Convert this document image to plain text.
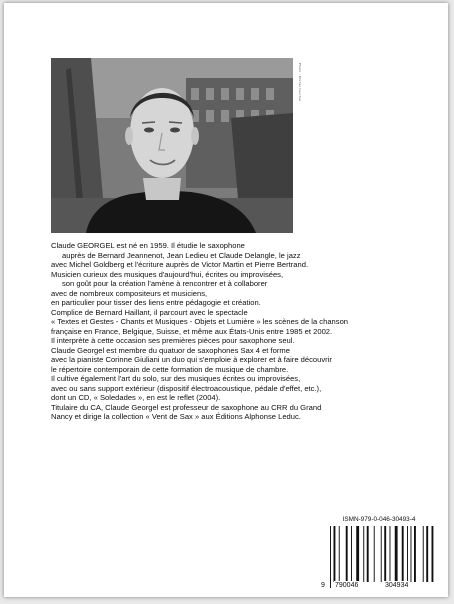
Photo : Michel Courtier
Claude GEORGEL est né en 1959. Il étudie le saxophone
auprès de Bernard Jeannenot, Jean Ledieu et Claude Delangle, le jazz
avec Michel Goldberg et l'écriture auprès de Victor Martin et Pierre Bertrand.
Musicien curieux des musiques d'aujourd'hui, écrites ou improvisées,
son goût pour la création l'amène à rencontrer et à collaborer
avec de nombreux compositeurs et musiciens,
en particulier pour tisser des liens entre pédagogie et création.
Complice de Bernard Haillant, il parcourt avec le spectacle
« Textes et Gestes - Chants et Musiques - Objets et Lumière » les scènes de la chanson
française en France, Belgique, Suisse, et même aux États-Unis entre 1985 et 2002.
Il interprète à cette occasion ses premières pièces pour saxophone seul.
Claude Georgel est membre du quatuor de saxophones Sax 4 et forme
avec la pianiste Corinne Giuliani un duo qui s'emploie à explorer et à faire découvrir
le répertoire contemporain de cette formation de musique de chambre.
Il cultive également l'art du solo, sur des musiques écrites ou improvisées,
avec ou sans support extérieur (dispositif électroacoustique, pédale d'effet, etc.),
dont un CD, « Soledades », en est le reflet (2004).
Titulaire du CA, Claude Georgel est professeur de saxophone au CRR du Grand
Nancy et dirige la collection « Vent de Sax » aux Éditions Alphonse Leduc.
ISMN-979-0-046-30493-4
9 790046	304934
